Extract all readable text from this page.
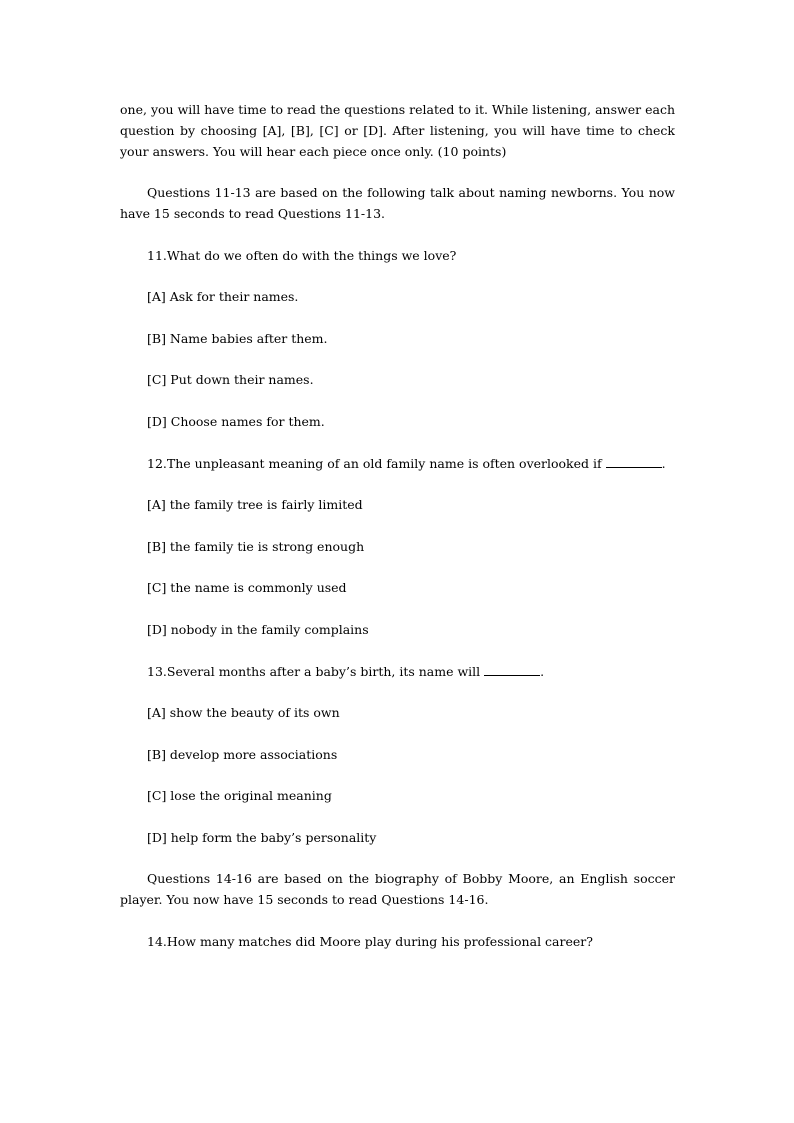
one, you will have time to read the questions related to it. While listening, answer each question by choosing [A], [B], [C] or [D]. After listening, you will have time to check your answers. You will hear each piece once only. (10 points)

Questions 11-13 are based on the following talk about naming newborns. You now have 15 seconds to read Questions 11-13.

11.What do we often do with the things we love?

[A] Ask for their names.

[B] Name babies after them.

[C] Put down their names.

[D] Choose names for them.

12.The unpleasant meaning of an old family name is often overlooked if	.

[A] the family tree is fairly limited

[B] the family tie is strong enough

[C] the name is commonly used

[D] nobody in the family complains

13.Several months after a baby’s birth, its name will	.

[A] show the beauty of its own

[B] develop more associations

[C] lose the original meaning

[D] help form the baby’s personality

Questions 14-16 are based on the biography of Bobby Moore, an English soccer player. You now have 15 seconds to read Questions 14-16.

14.How many matches did Moore play during his professional career?
